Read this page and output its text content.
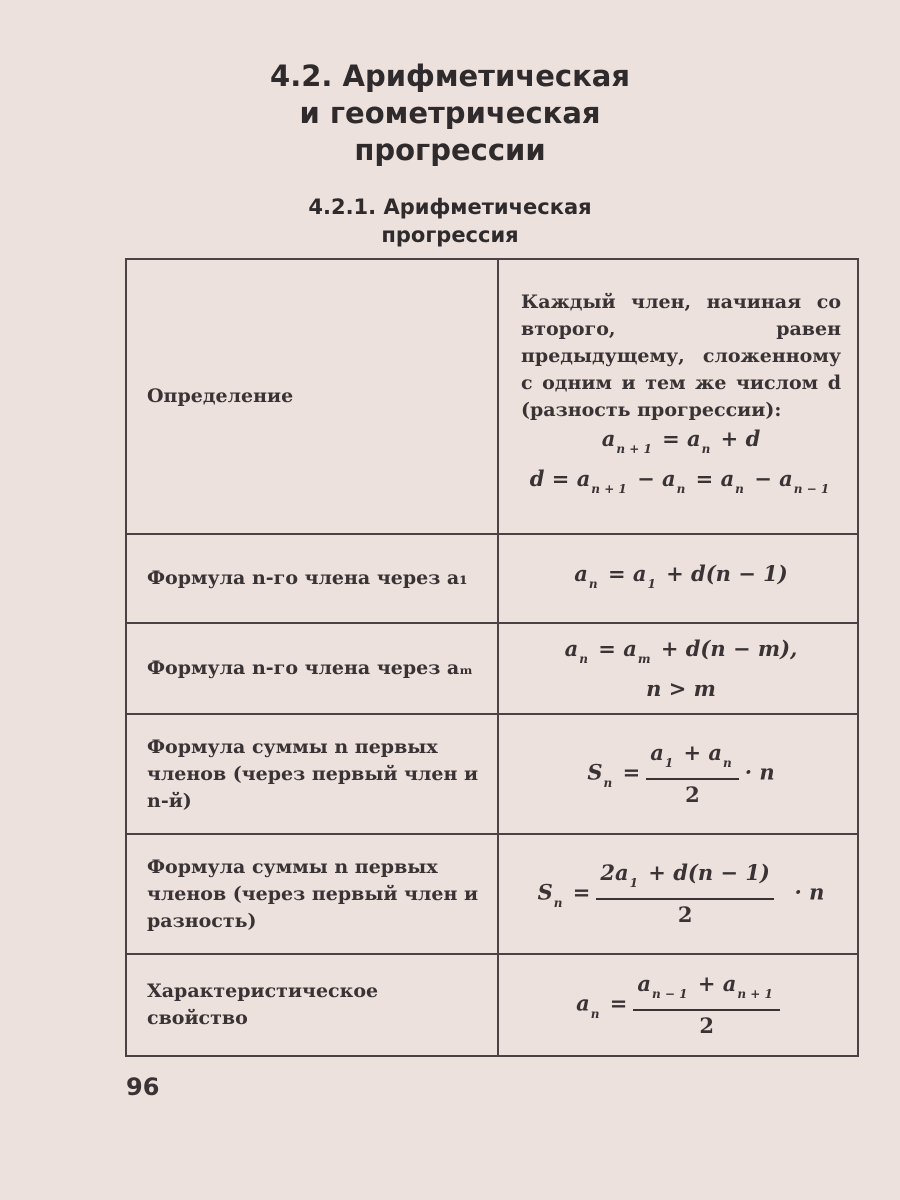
4.2. Арифметическая
и геометрическая
прогрессии
4.2.1. Арифметическая
прогрессия
Определение	Каждый член, начиная со второго, равен предыдущему, сложенному с одним и тем же числом d (разность прогрессии):
$a_{n + 1} = a_n + d$
$d = a_{n + 1} - a_n = a_n - a_{n - 1}$

Формула n-го члена через a₁	$a_n = a_1 + d(n - 1)$

Формула n-го члена через aₘ	$a_n = a_m + d(n - m)$,
n > m

Формула суммы n первых членов (через первый член и n-й)	$S_n = \frac{a_1 + a_n}{2} \cdot n$

Формула суммы n первых членов (через первый член и разность)	$S_n = \frac{2a_1 + d(n - 1)}{2} \cdot n$

Характеристическое свойство	$a_n = \frac{a_{n - 1} + a_{n + 1}}{2}$
96
